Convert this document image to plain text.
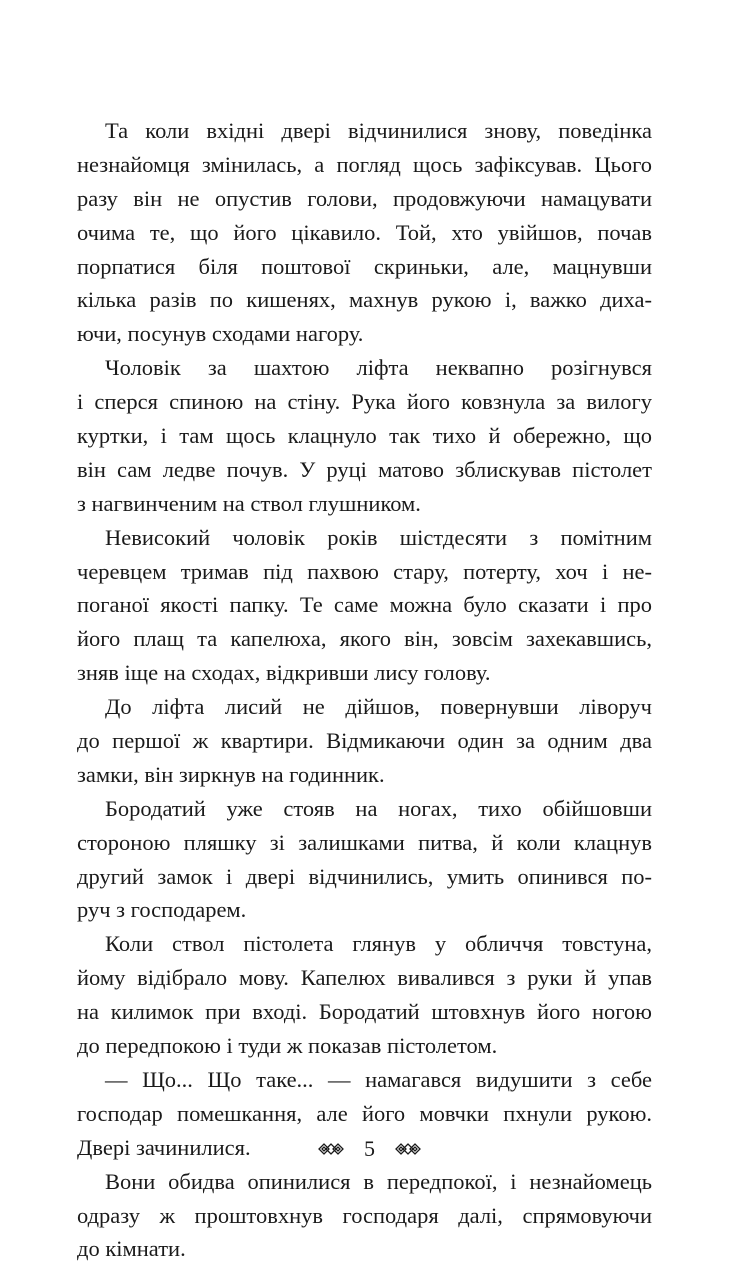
Та коли вхідні двері відчинилися знову, поведінка
незнайомця змінилась, а погляд щось зафіксував. Цього
разу він не опустив голови, продовжуючи намацувати
очима те, що його цікавило. Той, хто увійшов, почав
порпатися біля поштової скриньки, але, мацнувши
кілька разів по кишенях, махнув рукою і, важко диха-
ючи, посунув сходами нагору.
Чоловік за шахтою ліфта неквапно розігнувся
і сперся спиною на стіну. Рука його ковзнула за вилогу
куртки, і там щось клацнуло так тихо й обережно, що
він сам ледве почув. У руці матово зблискував пістолет
з нагвинченим на ствол глушником.
Невисокий чоловік років шістдесяти з помітним
черевцем тримав під пахвою стару, потерту, хоч і не-
поганої якості папку. Те саме можна було сказати і про
його плащ та капелюха, якого він, зовсім захекавшись,
зняв іще на сходах, відкривши лису голову.
До ліфта лисий не дійшов, повернувши ліворуч
до першої ж квартири. Відмикаючи один за одним два
замки, він зиркнув на годинник.
Бородатий уже стояв на ногах, тихо обійшовши
стороною пляшку зі залишками питва, й коли клацнув
другий замок і двері відчинились, умить опинився по-
руч з господарем.
Коли ствол пістолета глянув у обличчя товстуна,
йому відібрало мову. Капелюх вивалився з руки й упав
на килимок при вході. Бородатий штовхнув його ногою
до передпокою і туди ж показав пістолетом.
— Що... Що таке... — намагався видушити з себе
господар помешкання, але його мовчки пхнули рукою.
Двері зачинилися.
Вони обидва опинилися в передпокої, і незнайомець
одразу ж проштовхнув господаря далі, спрямовуючи
до кімнати.
5
